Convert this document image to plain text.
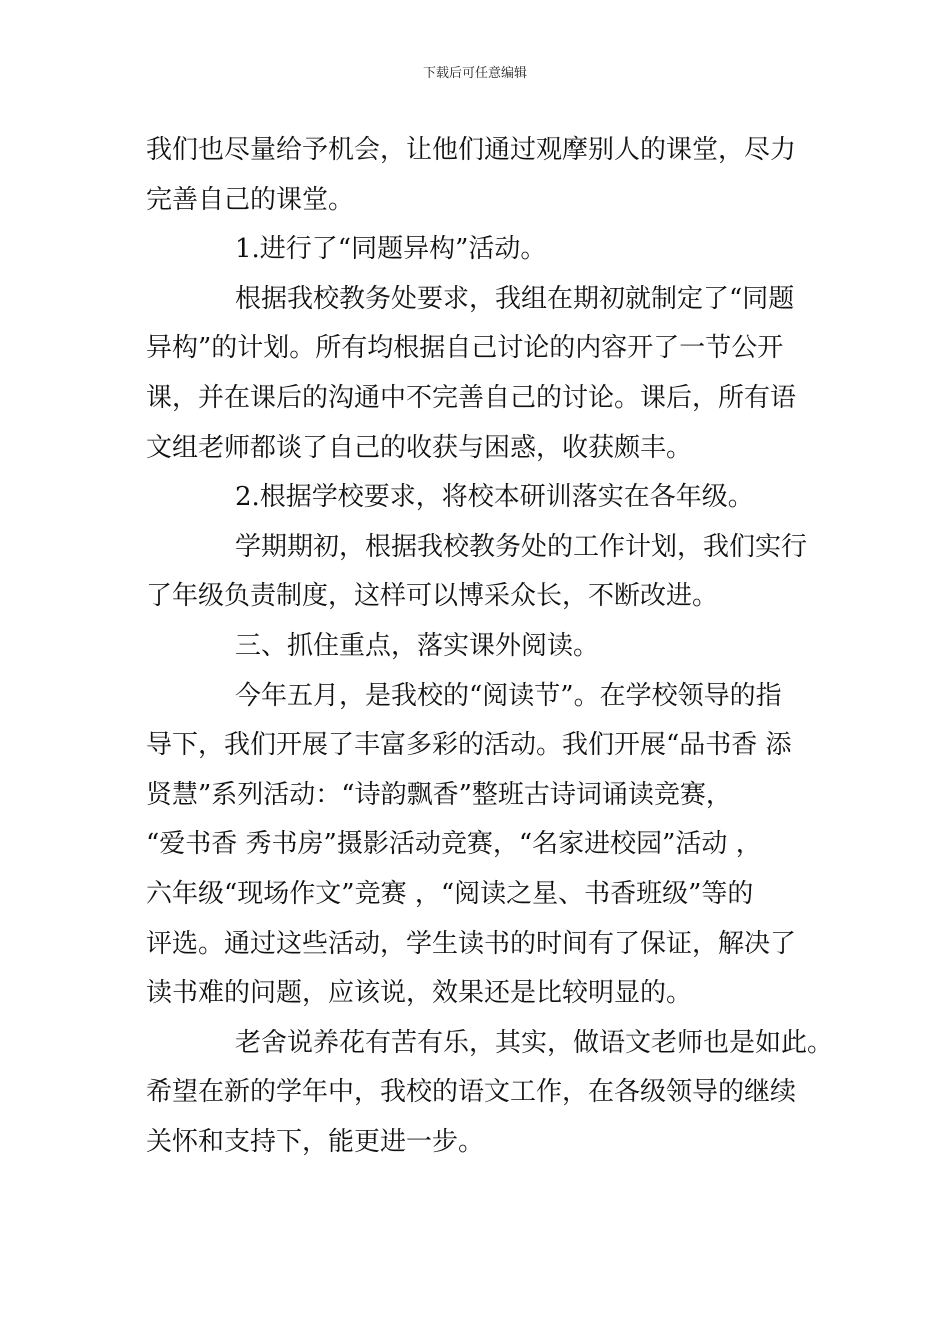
下载后可任意编辑
我们也尽量给予机会，让他们通过观摩别人的课堂，尽力
完善自己的课堂。
1.进行了“同题异构”活动。
根据我校教务处要求，我组在期初就制定了“同题
异构”的计划。所有均根据自己讨论的内容开了一节公开
课，并在课后的沟通中不完善自己的讨论。课后，所有语
文组老师都谈了自己的收获与困惑，收获颇丰。
2.根据学校要求，将校本研训落实在各年级。
学期期初，根据我校教务处的工作计划，我们实行
了年级负责制度，这样可以博采众长，不断改进。
三、抓住重点，落实课外阅读。
今年五月，是我校的“阅读节”。在学校领导的指
导下，我们开展了丰富多彩的活动。我们开展“品书香 添
贤慧”系列活动：“诗韵飘香”整班古诗词诵读竞赛，
“爱书香 秀书房”摄影活动竞赛，“名家进校园”活动 ，
六年级“现场作文”竞赛 ，“阅读之星、书香班级”等的
评选。通过这些活动，学生读书的时间有了保证，解决了
读书难的问题，应该说，效果还是比较明显的。
老舍说养花有苦有乐，其实，做语文老师也是如此。
希望在新的学年中，我校的语文工作，在各级领导的继续
关怀和支持下，能更进一步。
